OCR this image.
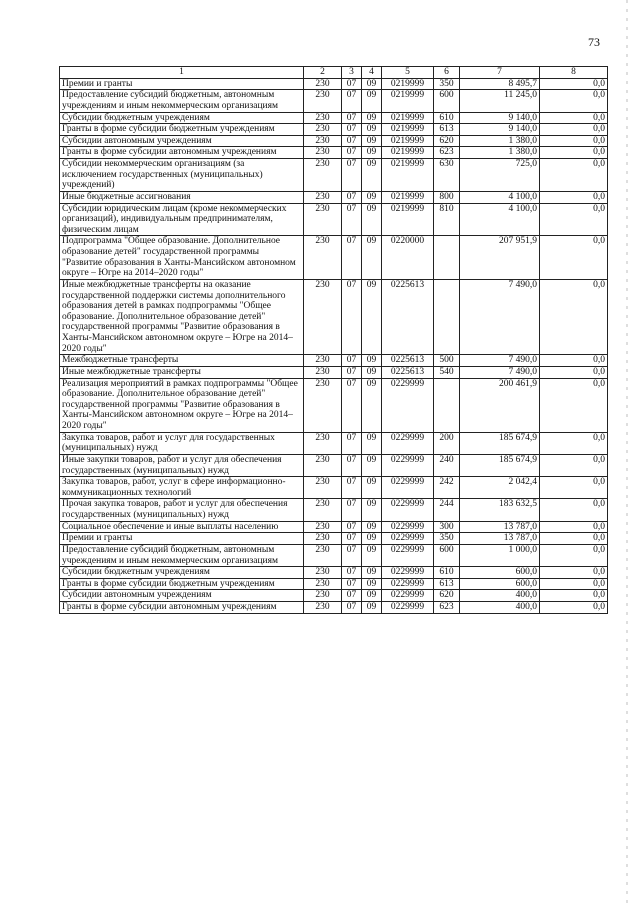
73
1	2	3	4	5	6	7	8
Премии и гранты	230	07	09	0219999	350	8 495,7	0,0
Предоставление субсидий бюджетным, автономным учреждениям и иным некоммерческим организациям	230	07	09	0219999	600	11 245,0	0,0
Субсидии бюджетным учреждениям	230	07	09	0219999	610	9 140,0	0,0
Гранты в форме субсидии бюджетным учреждениям	230	07	09	0219999	613	9 140,0	0,0
Субсидии автономным учреждениям	230	07	09	0219999	620	1 380,0	0,0
Гранты в форме субсидии автономным учреждениям	230	07	09	0219999	623	1 380,0	0,0
Субсидии некоммерческим организациям (за исключением государственных (муниципальных) учреждений)	230	07	09	0219999	630	725,0	0,0
Иные бюджетные ассигнования	230	07	09	0219999	800	4 100,0	0,0
Субсидии юридическим лицам (кроме некоммерческих организаций), индивидуальным предпринимателям, физическим лицам	230	07	09	0219999	810	4 100,0	0,0
Подпрограмма "Общее образование. Дополнительное образование детей" государственной программы "Развитие образования в Ханты-Мансийском автономном округе – Югре на 2014–2020 годы"	230	07	09	0220000		207 951,9	0,0
Иные межбюджетные трансферты на оказание государственной поддержки системы дополнительного образования детей в рамках подпрограммы "Общее образование. Дополнительное образование детей" государственной программы "Развитие образования в Ханты-Мансийском автономном округе – Югре на 2014–2020 годы"	230	07	09	0225613		7 490,0	0,0
Межбюджетные трансферты	230	07	09	0225613	500	7 490,0	0,0
Иные межбюджетные трансферты	230	07	09	0225613	540	7 490,0	0,0
Реализация мероприятий в рамках подпрограммы "Общее образование. Дополнительное образование детей" государственной программы "Развитие образования в Ханты-Мансийском автономном округе – Югре на 2014–2020 годы"	230	07	09	0229999		200 461,9	0,0
Закупка товаров, работ и услуг для государственных (муниципальных) нужд	230	07	09	0229999	200	185 674,9	0,0
Иные закупки товаров, работ и услуг для обеспечения государственных (муниципальных) нужд	230	07	09	0229999	240	185 674,9	0,0
Закупка товаров, работ, услуг в сфере информационно-коммуникационных технологий	230	07	09	0229999	242	2 042,4	0,0
Прочая закупка товаров, работ и услуг для обеспечения государственных (муниципальных) нужд	230	07	09	0229999	244	183 632,5	0,0
Социальное обеспечение и иные выплаты населению	230	07	09	0229999	300	13 787,0	0,0
Премии и гранты	230	07	09	0229999	350	13 787,0	0,0
Предоставление субсидий бюджетным, автономным учреждениям и иным некоммерческим организациям	230	07	09	0229999	600	1 000,0	0,0
Субсидии бюджетным учреждениям	230	07	09	0229999	610	600,0	0,0
Гранты в форме субсидии бюджетным учреждениям	230	07	09	0229999	613	600,0	0,0
Субсидии автономным учреждениям	230	07	09	0229999	620	400,0	0,0
Гранты в форме субсидии автономным учреждениям	230	07	09	0229999	623	400,0	0,0
